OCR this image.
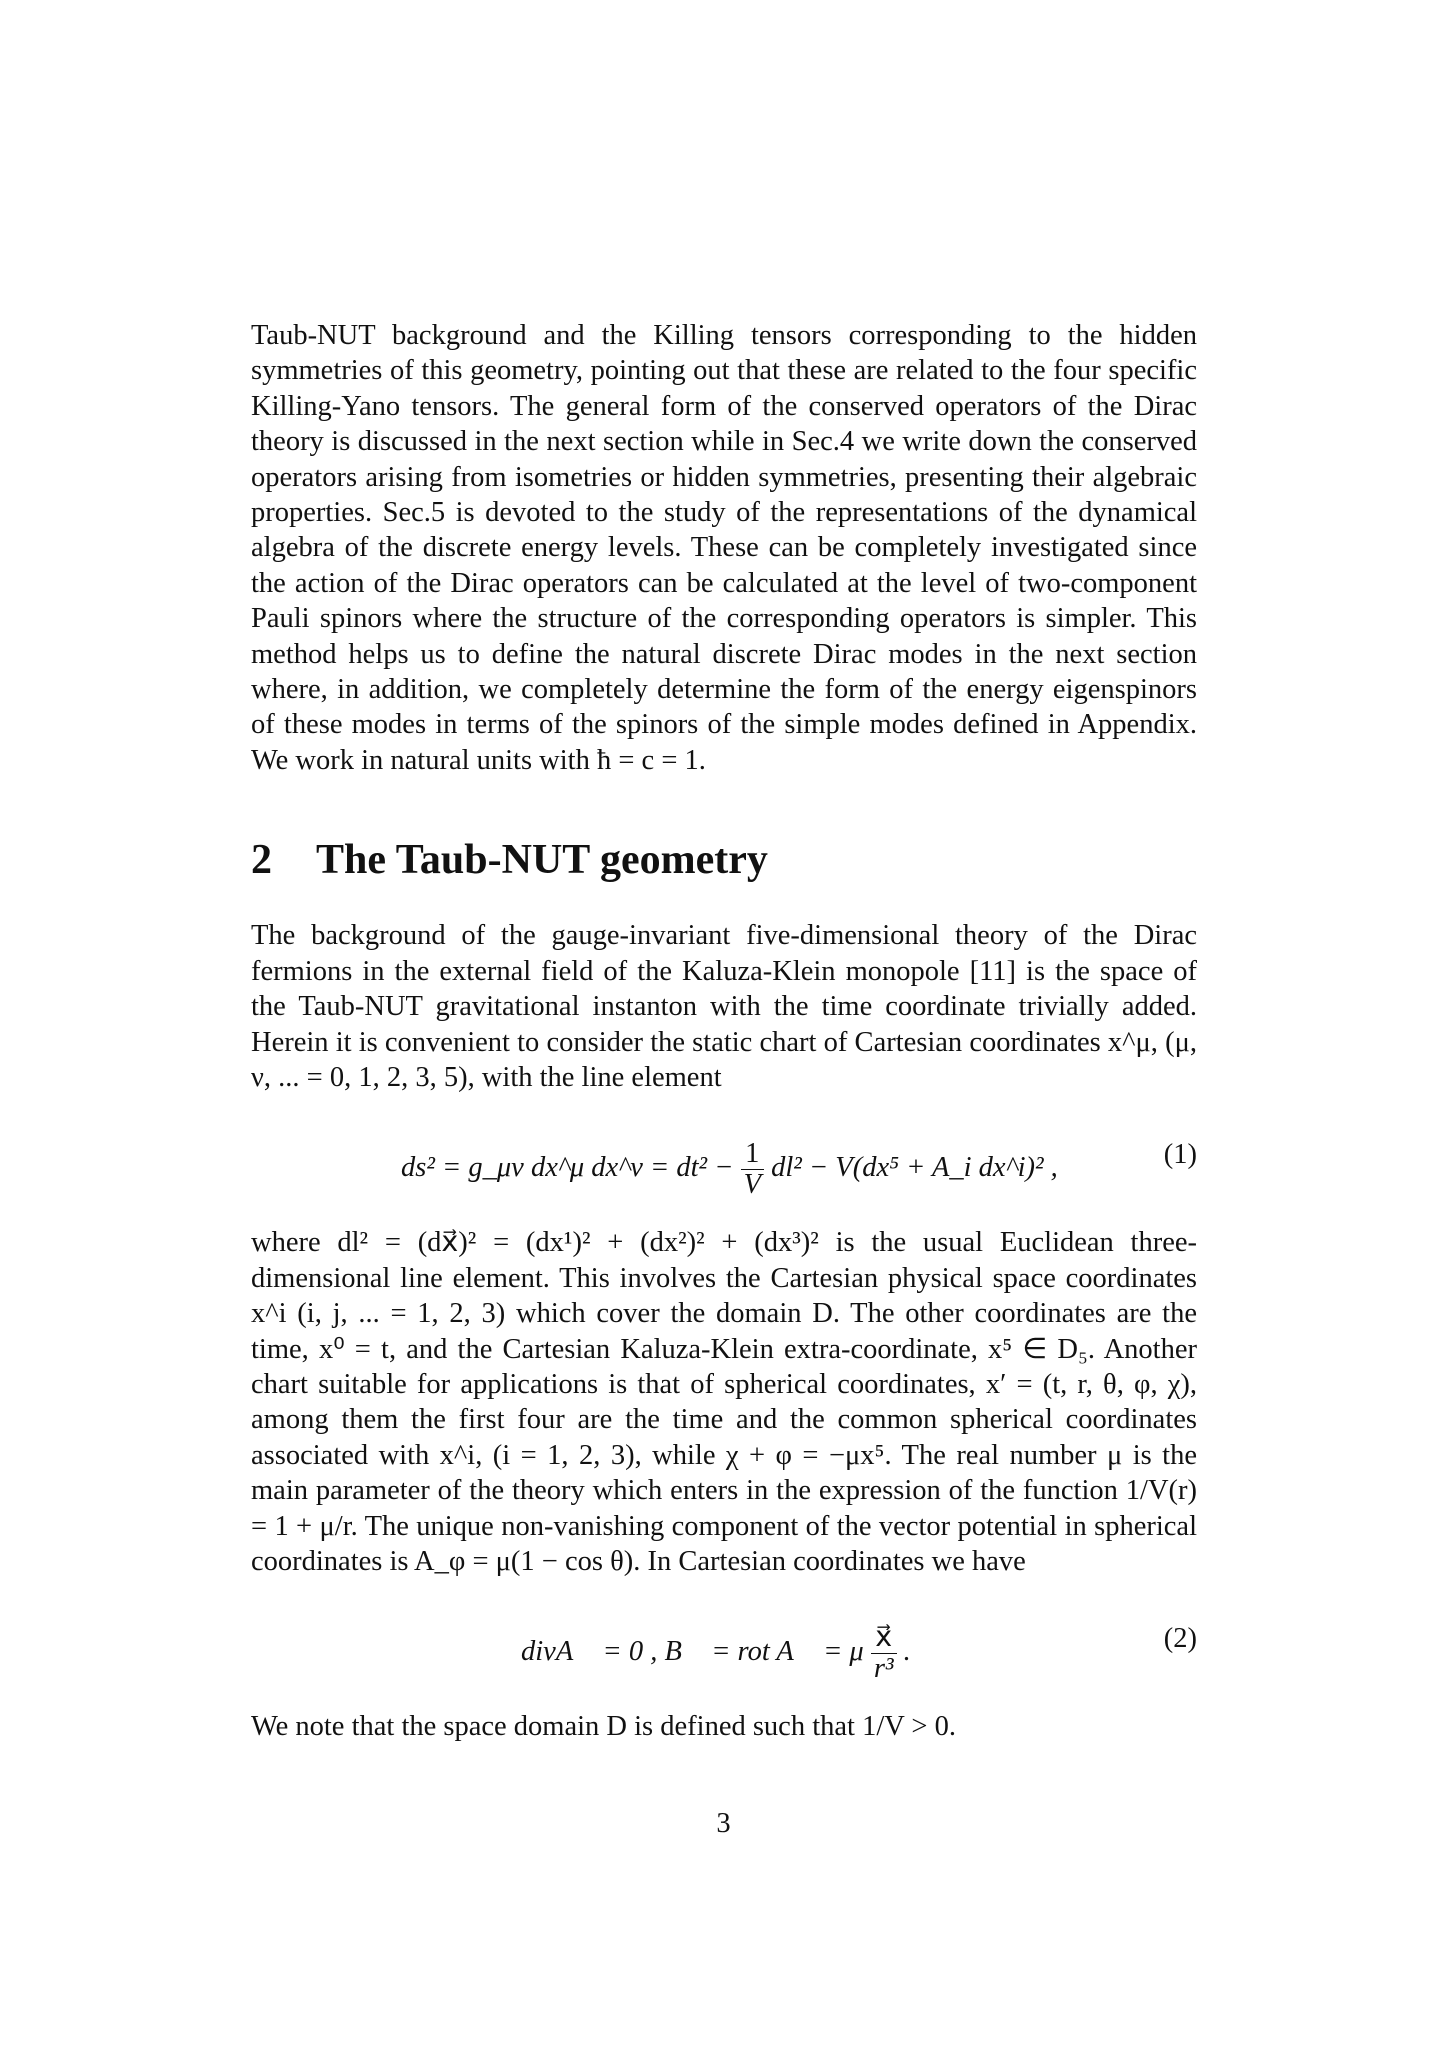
Taub-NUT background and the Killing tensors corresponding to the hidden symmetries of this geometry, pointing out that these are related to the four specific Killing-Yano tensors. The general form of the conserved operators of the Dirac theory is discussed in the next section while in Sec.4 we write down the conserved operators arising from isometries or hidden symmetries, presenting their algebraic properties. Sec.5 is devoted to the study of the representations of the dynamical algebra of the discrete energy levels. These can be completely investigated since the action of the Dirac operators can be calculated at the level of two-component Pauli spinors where the structure of the corresponding operators is simpler. This method helps us to define the natural discrete Dirac modes in the next section where, in addition, we completely determine the form of the energy eigenspinors of these modes in terms of the spinors of the simple modes defined in Appendix. We work in natural units with ħ = c = 1.

2 The Taub-NUT geometry

The background of the gauge-invariant five-dimensional theory of the Dirac fermions in the external field of the Kaluza-Klein monopole [11] is the space of the Taub-NUT gravitational instanton with the time coordinate trivially added. Herein it is convenient to consider the static chart of Cartesian coordinates x^μ, (μ, ν, ... = 0, 1, 2, 3, 5), with the line element

ds² = g_μν dx^μ dx^ν = $dt^2 - \frac{1}{V} dl^2 - V(dx^5$ + A_i dx^i)² ,	(1)

where dl² = (dx⃗)² = (dx¹)² + (dx²)² + (dx³)² is the usual Euclidean three-dimensional line element. This involves the Cartesian physical space coordinates x^i (i, j, ... = 1, 2, 3) which cover the domain D. The other coordinates are the time, x⁰ = t, and the Cartesian Kaluza-Klein extra-coordinate, x⁵ ∈ D₅. Another chart suitable for applications is that of spherical coordinates, x′ = (t, r, θ, φ, χ), among them the first four are the time and the common spherical coordinates associated with x^i, (i = 1, 2, 3), while χ + φ = −μx⁵. The real number μ is the main parameter of the theory which enters in the expression of the function 1/V(r) = 1 + μ/r. The unique non-vanishing component of the vector potential in spherical coordinates is A_φ = μ(1 − cos θ). In Cartesian coordinates we have

divA⃗ = 0 , B⃗ = rot A⃗ = μ $\frac{x⃗}{\text{r³}}$ .	(2)

We note that the space domain D is defined such that 1/V > 0.

3
